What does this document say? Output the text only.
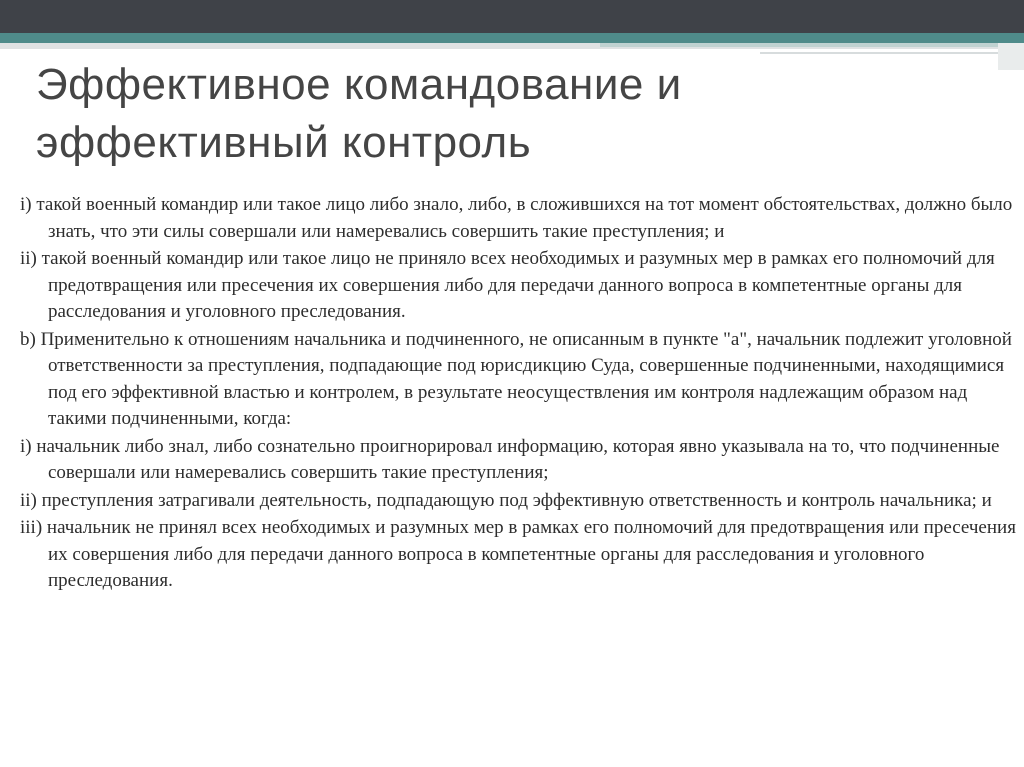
Эффективное командование и
эффективный контроль

i) такой военный командир или такое лицо либо знало, либо, в сложившихся на тот момент обстоятельствах, должно было знать, что эти силы совершали или намеревались совершить такие преступления; и

ii) такой военный командир или такое лицо не приняло всех необходимых и разумных мер в рамках его полномочий для предотвращения или пресечения их совершения либо для передачи данного вопроса в компетентные органы для расследования и уголовного преследования.

b) Применительно к отношениям начальника и подчиненного, не описанным в пункте "a", начальник подлежит уголовной ответственности за преступления, подпадающие под юрисдикцию Суда, совершенные подчиненными, находящимися под его эффективной властью и контролем, в результате неосуществления им контроля надлежащим образом над такими подчиненными, когда:

i) начальник либо знал, либо сознательно проигнорировал информацию, которая явно указывала на то, что подчиненные совершали или намеревались совершить такие преступления;

ii) преступления затрагивали деятельность, подпадающую под эффективную ответственность и контроль начальника; и

iii) начальник не принял всех необходимых и разумных мер в рамках его полномочий для предотвращения или пресечения их совершения либо для передачи данного вопроса в компетентные органы для расследования и уголовного преследования.
